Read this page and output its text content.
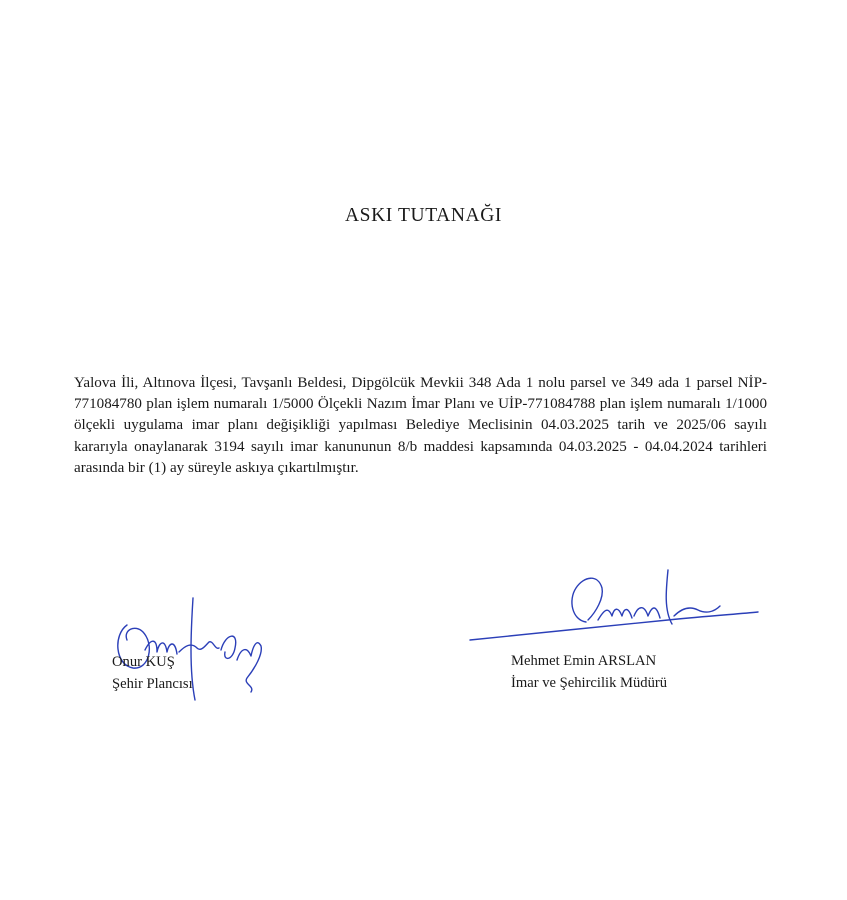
ASKI TUTANAĞI

Yalova İli, Altınova İlçesi, Tavşanlı Beldesi, Dipgölcük Mevkii 348 Ada 1 nolu parsel ve 349 ada 1 parsel NİP-771084780 plan işlem numaralı 1/5000 Ölçekli Nazım İmar Planı ve UİP-771084788 plan işlem numaralı 1/1000 ölçekli uygulama imar planı değişikliği yapılması Belediye Meclisinin 04.03.2025 tarih ve 2025/06 sayılı kararıyla onaylanarak 3194 sayılı imar kanununun 8/b maddesi kapsamında 04.03.2025 - 04.04.2024 tarihleri arasında bir (1) ay süreyle askıya çıkartılmıştır.

Onur KUŞ
Şehir Plancısı
Mehmet Emin ARSLAN
İmar ve Şehircilik Müdürü
